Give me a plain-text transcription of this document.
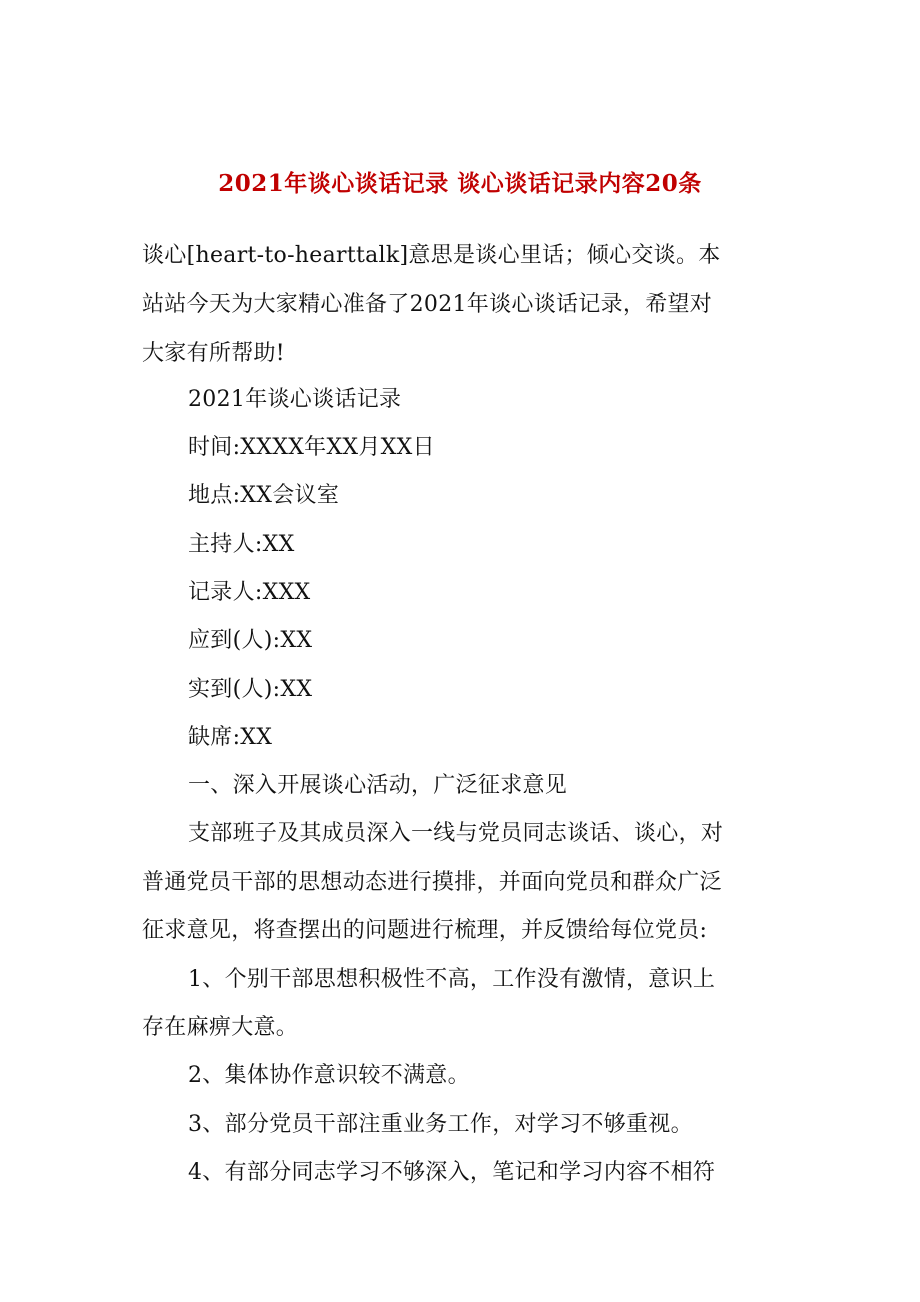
2021年谈心谈话记录 谈心谈话记录内容20条
谈心[heart-to-hearttalk]意思是谈心里话；倾心交谈。本
站站今天为大家精心准备了2021年谈心谈话记录，希望对
大家有所帮助!
2021年谈心谈话记录
时间:XXXX年XX月XX日
地点:XX会议室
主持人:XX
记录人:XXX
应到(人):XX
实到(人):XX
缺席:XX
一、深入开展谈心活动，广泛征求意见
支部班子及其成员深入一线与党员同志谈话、谈心，对
普通党员干部的思想动态进行摸排，并面向党员和群众广泛
征求意见，将查摆出的问题进行梳理，并反馈给每位党员:
1、个别干部思想积极性不高，工作没有激情，意识上
存在麻痹大意。
2、集体协作意识较不满意。
3、部分党员干部注重业务工作，对学习不够重视。
4、有部分同志学习不够深入，笔记和学习内容不相符
